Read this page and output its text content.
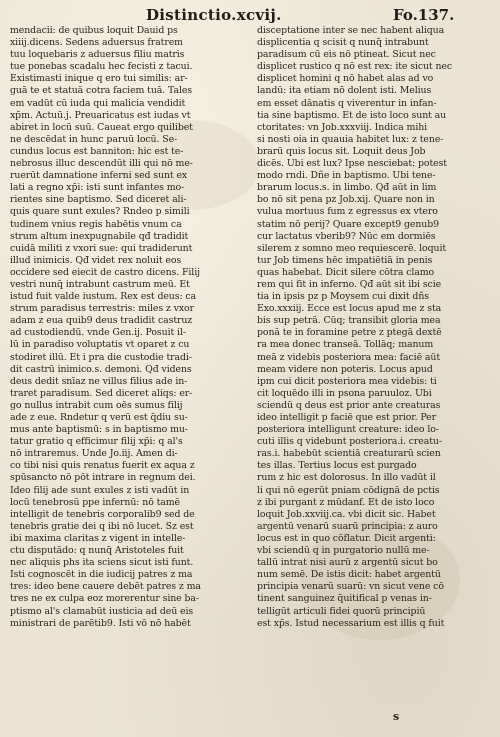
Distinctio.xcvij.	Fo.137.
mendacii: de quibus loquit Dauid ps
xiiij.dicens. Sedens aduersus fratrem
tuu loquebaris z aduersus filiu matris
tue ponebas scadalu hec fecisti z tacui.
Existimasti inique q ero tui similis: ar-
guā te et statuā cotra faciem tuā. Tales
em vadūt cū iuda qui malicia vendidit
xp̄m. Actuū.j. Preuaricatus est iudas vt
abiret in locū suū. Caueat ergo quilibet
ne descēdat in hunc paruū locū. Se-
cundus locus est banniton: hic est te-
nebrosus illuc descendūt illi qui nō me-
ruerūt damnatione inferni sed sunt ex
lati a regno xp̄i: isti sunt infantes mo-
rientes sine baptismo. Sed diceret ali-
quis quare sunt exules? Rndeo p simili
tudinem vnius regis habētis vnum ca
strum altum inexpugnabile qđ tradidit
cuidā militi z vxori sue: qui tradiderunt
illud inimicis. Qđ videt rex noluit eos
occidere sed eiecit de castro dicens. Filij
vestri nunq̄ intrabunt castrum meū. Et
istud fuit valde iustum. Rex est deus: ca
strum paradisus terrestris: miles z vxor
adam z eua quib9 deus tradidit castruz
ad custodiendū. vnde Gen.ij. Posuit il-
lū in paradiso voluptatis vt oparet z cu
stodiret illū. Et i pra die custodie tradi-
dit castrū inimico.s. demoni. Qđ videns
deus dedit snīaz ne villus filius ade in-
traret paradisum. Sed diceret aliqs: er-
go nullus intrabit cum oēs sumus filij
ade z eue. Rndetur q verū est q̄diu su-
mus ante baptismū: s in baptismo mu-
tatur gratio q efficimur filij xp̄i: q al's
nō intraremus. Unde Jo.iij. Amen di-
co tibi nisi quis renatus fuerit ex aqua z
spūsancto nō pōt intrare in regnum dei.
Ideo filij ade sunt exules z isti vadūt in
locū tenebrosū ppe infernū: nō tamē
intelligit de tenebris corporalib9 sed de
tenebris gratie dei q ibi nō lucet. Sz est
ibi maxima claritas z vigent in intelle-
ctu disputādo: q nunq̄ Aristoteles fuit
nec aliquis phs ita sciens sicut isti funt.
Isti cognoscēt in die iudicij patres z ma
tres: ideo bene cauere debēt patres z ma
tres ne ex culpa eoz morerentur sine ba-
ptismo al's clamabūt iusticia ad deū eis
ministrari de parētib9. Isti vō nō habēt
disceptatione inter se nec habent aliqua
displicentia q scisit q nunq̄ intrabunt
paradisum cū eis nō ptineat. Sicut nec
displicet rustico q nō est rex: ite sicut nec
displicet homini q nō habet alas ad vo
landū: ita etiam nō dolent isti. Melius
em esset dānatis q viverentur in infan-
tia sine baptismo. Et de isto loco sunt au
ctoritates: vn Job.xxxviij. Indica mihi
si nosti oia in quauia habitet lux: z tene-
brarū quis locus sit. Loquit deus Job
dicēs. Ubi est lux? Ipse nesciebat: potest
modo rndi. Dñe in baptismo. Ubi tene-
brarum locus.s. in limbo. Qđ aūt in lim
bo nō sit pena pz Job.xij. Quare non in
vulua mortuus fum z egressus ex vtero
statim nō perij? Quare except9 genub9
cur lactatus vberib9? Nūc em dormiēs
silerem z somno meo requiescerē. loquit
tur Job timens hēc impatiētiā in penis
quas habebat. Dicit silere cōtra clamo
rem qui fit in inferno. Qđ aūt sit ibi scie
tia in ipsis pz p Moysem cui dixit dñs
Exo.xxxiij. Ecce est locus apud me z sta
bis sup petrā. Cūq; transibit gloria mea
ponā te in foramine petre z ptegā dextē
ra mea donec transeā. Tollāq; manum
meā z videbis posteriora mea: faciē aūt
meam videre non poteris. Locus apud
ipm cui dicit posteriora mea videbis: ti
cit loquēdo illi in psona paruuloz. Ubi
sciendū q deus est prior ante creaturas
ideo intelligit p faciē que est prior. Per
posteriora intelligunt creature: ideo lo-
cuti illis q videbunt posteriora.i. creatu-
ras.i. habebūt scientiā creaturarū scien
tes illas. Tertius locus est purgado
rum z hic est dolorosus. In illo vadūt il
li qui nō egerūt pniam cōdignā de pctis
z ibi purgant z mūdanf. Et de isto loco
loquit Job.xxviij.ca. vbi dicit sic. Habet
argentū venarū suarū principia: z auro
locus est in quo cōflatur. Dicit argenti:
vbi sciendū q in purgatorio nullū me-
tallū intrat nisi aurū z argentū sicut bo
num semē. De istis dicit: habet argentū
principia venarū suarū: vn sicut vene cō
tinent sanguinez q̄uitifical p venas in-
telligūt articuli fidei quorū principiū
est xp̄s. Istud necessarium est illis q fuit
s
